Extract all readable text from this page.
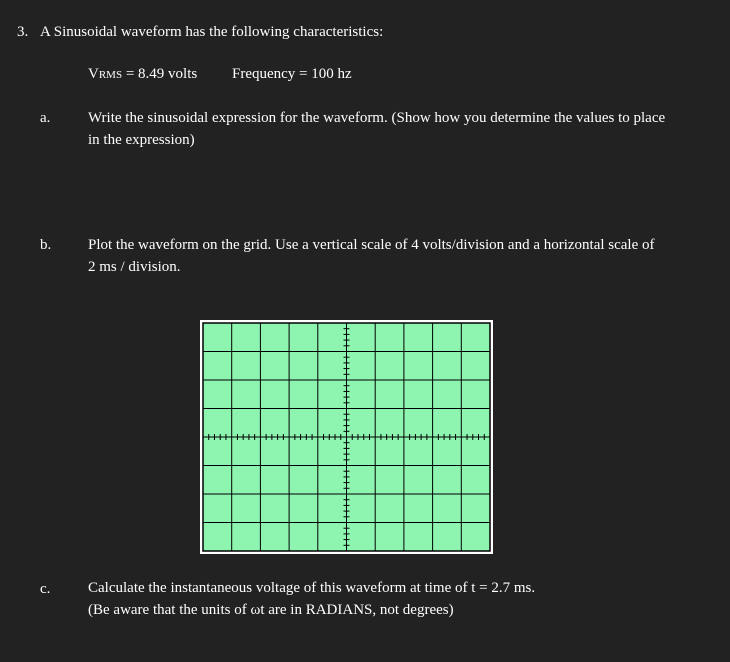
3. A Sinusoidal waveform has the following characteristics:
VRMS = 8.49 volts Frequency = 100 hz
a.	Write the sinusoidal expression for the waveform. (Show how you determine the values to place
in the expression)
b. Plot the waveform on the grid. Use a vertical scale of 4 volts/division and a horizontal scale of
2 ms / division.
c.	Calculate the instantaneous voltage of this waveform at time of t = 2.7 ms.
(Be aware that the units of ωt are in RADIANS, not degrees)
